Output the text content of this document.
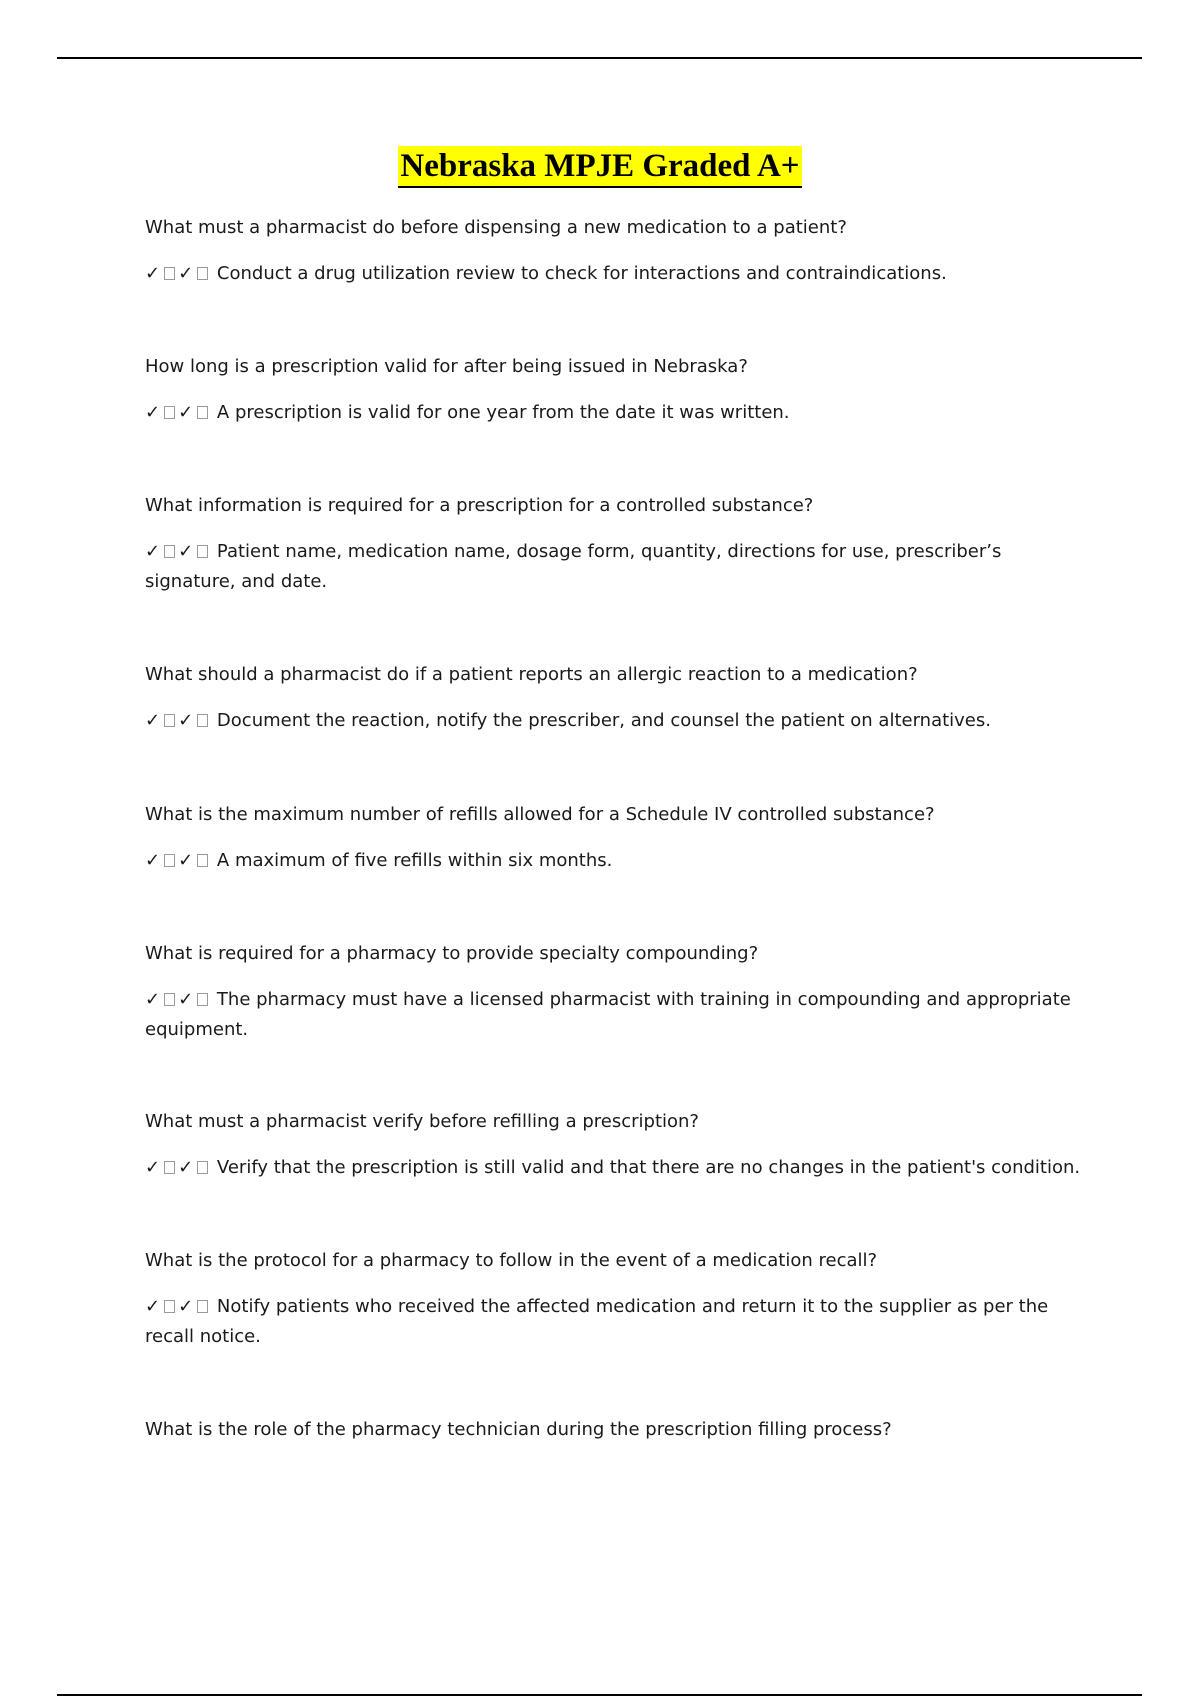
Nebraska MPJE Graded A+
What must a pharmacist do before dispensing a new medication to a patient?
✓ ✓ Conduct a drug utilization review to check for interactions and contraindications.
How long is a prescription valid for after being issued in Nebraska?
✓ ✓ A prescription is valid for one year from the date it was written.
What information is required for a prescription for a controlled substance?
✓ ✓ Patient name, medication name, dosage form, quantity, directions for use, prescriber’s signature, and date.
What should a pharmacist do if a patient reports an allergic reaction to a medication?
✓ ✓ Document the reaction, notify the prescriber, and counsel the patient on alternatives.
What is the maximum number of refills allowed for a Schedule IV controlled substance?
✓ ✓ A maximum of five refills within six months.
What is required for a pharmacy to provide specialty compounding?
✓ ✓ The pharmacy must have a licensed pharmacist with training in compounding and appropriate equipment.
What must a pharmacist verify before refilling a prescription?
✓ ✓ Verify that the prescription is still valid and that there are no changes in the patient's condition.
What is the protocol for a pharmacy to follow in the event of a medication recall?
✓ ✓ Notify patients who received the affected medication and return it to the supplier as per the recall notice.
What is the role of the pharmacy technician during the prescription filling process?
